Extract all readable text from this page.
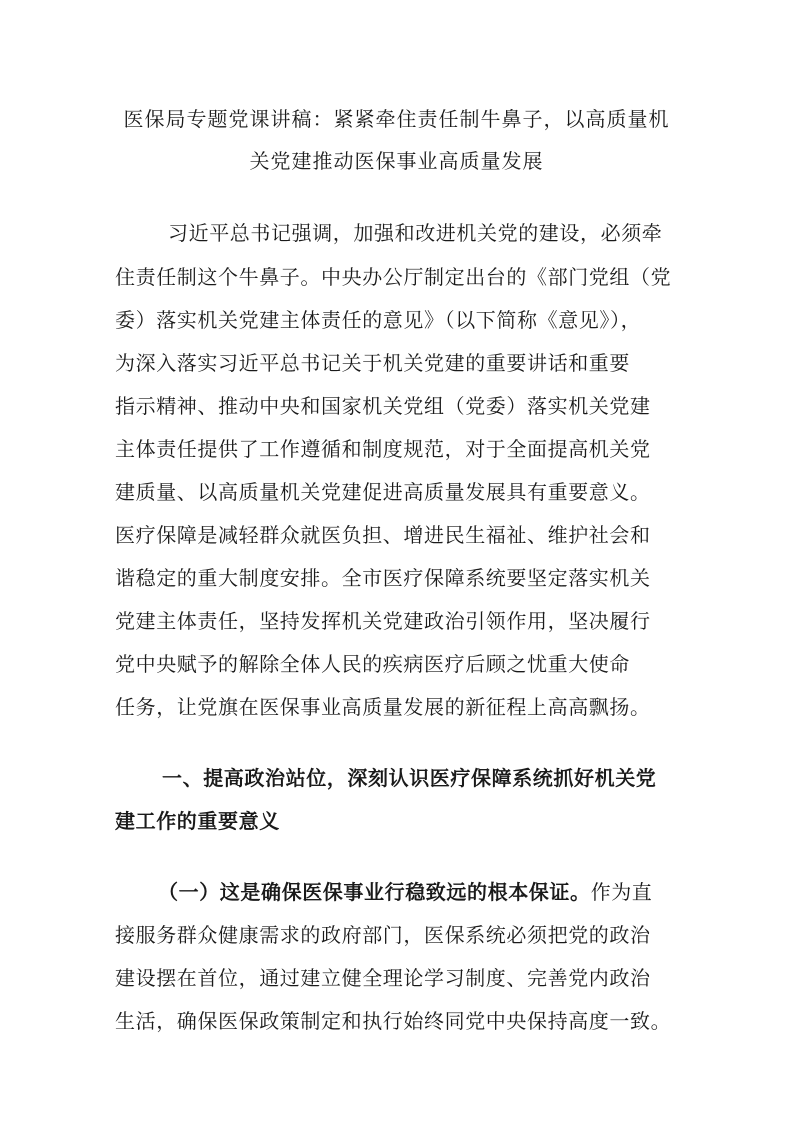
医保局专题党课讲稿：紧紧牵住责任制牛鼻子，以高质量机
关党建推动医保事业高质量发展
习近平总书记强调，加强和改进机关党的建设，必须牵
住责任制这个牛鼻子。中央办公厅制定出台的《部门党组（党
委）落实机关党建主体责任的意见》（以下简称《意见》），
为深入落实习近平总书记关于机关党建的重要讲话和重要
指示精神、推动中央和国家机关党组（党委）落实机关党建
主体责任提供了工作遵循和制度规范，对于全面提高机关党
建质量、以高质量机关党建促进高质量发展具有重要意义。
医疗保障是减轻群众就医负担、增进民生福祉、维护社会和
谐稳定的重大制度安排。全市医疗保障系统要坚定落实机关
党建主体责任，坚持发挥机关党建政治引领作用，坚决履行
党中央赋予的解除全体人民的疾病医疗后顾之忧重大使命
任务，让党旗在医保事业高质量发展的新征程上高高飘扬。
一、提高政治站位，深刻认识医疗保障系统抓好机关党
建工作的重要意义
（一）这是确保医保事业行稳致远的根本保证。作为直
接服务群众健康需求的政府部门，医保系统必须把党的政治
建设摆在首位，通过建立健全理论学习制度、完善党内政治
生活，确保医保政策制定和执行始终同党中央保持高度一致。
